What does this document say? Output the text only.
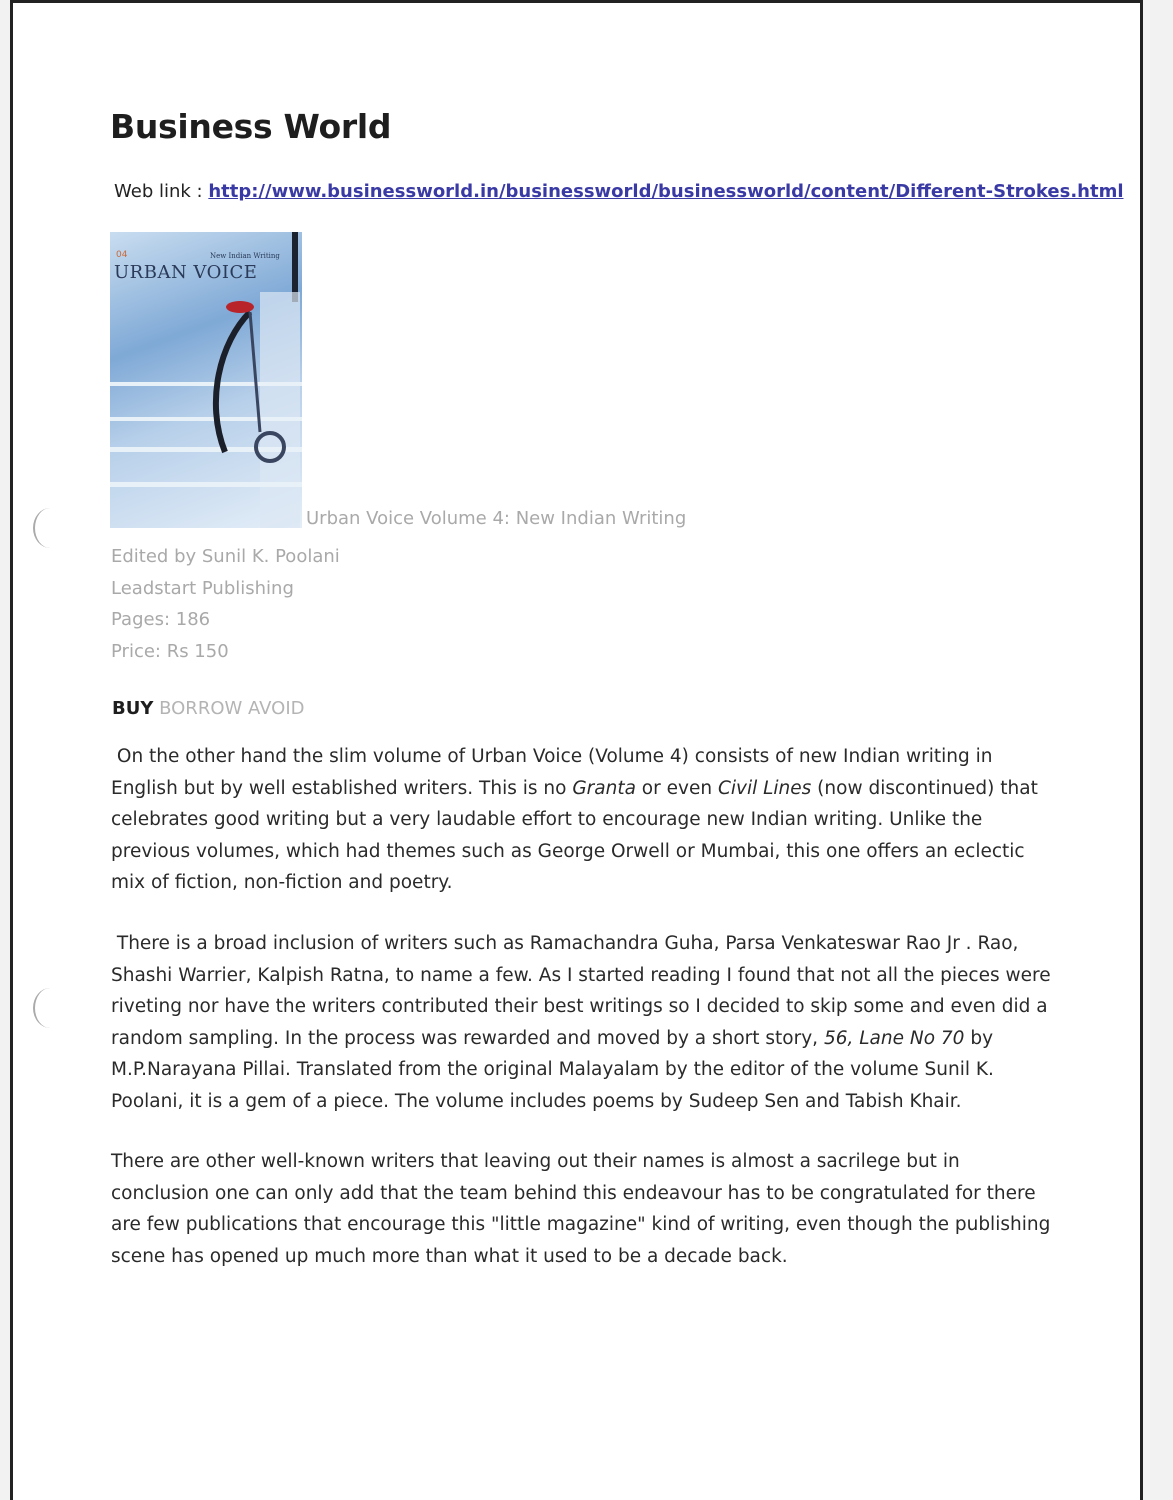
Business World
Web link : http://www.businessworld.in/businessworld/businessworld/content/Different-Strokes.html
04	New Indian Writing
URBAN VOICE
Urban Voice Volume 4: New Indian Writing
Edited by Sunil K. Poolani
Leadstart Publishing
Pages: 186
Price: Rs 150
BUY BORROW AVOID

On the other hand the slim volume of Urban Voice (Volume 4) consists of new Indian writing in English but by well established writers. This is no Granta or even Civil Lines (now discontinued) that celebrates good writing but a very laudable effort to encourage new Indian writing. Unlike the previous volumes, which had themes such as George Orwell or Mumbai, this one offers an eclectic mix of fiction, non-fiction and poetry.

There is a broad inclusion of writers such as Ramachandra Guha, Parsa Venkateswar Rao Jr . Rao, Shashi Warrier, Kalpish Ratna, to name a few. As I started reading I found that not all the pieces were riveting nor have the writers contributed their best writings so I decided to skip some and even did a random sampling. In the process was rewarded and moved by a short story, 56, Lane No 70 by M.P.Narayana Pillai. Translated from the original Malayalam by the editor of the volume Sunil K. Poolani, it is a gem of a piece. The volume includes poems by Sudeep Sen and Tabish Khair.

There are other well-known writers that leaving out their names is almost a sacrilege but in conclusion one can only add that the team behind this endeavour has to be congratulated for there are few publications that encourage this "little magazine" kind of writing, even though the publishing scene has opened up much more than what it used to be a decade back.
